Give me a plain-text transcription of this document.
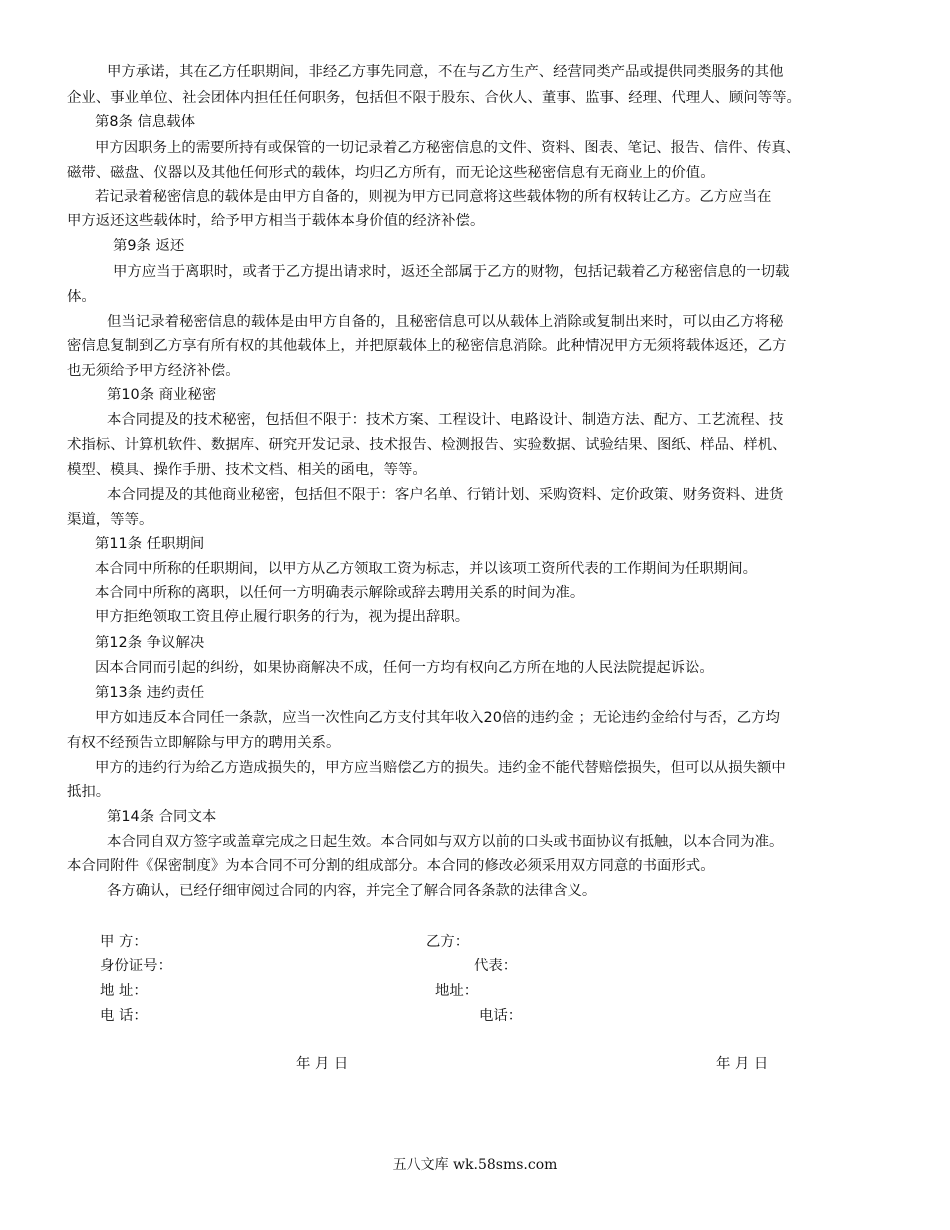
甲方承诺，其在乙方任职期间，非经乙方事先同意，不在与乙方生产、经营同类产品或提供同类服务的其他
企业、事业单位、社会团体内担任任何职务，包括但不限于股东、合伙人、董事、监事、经理、代理人、顾问等等。
第8条 信息载体
甲方因职务上的需要所持有或保管的一切记录着乙方秘密信息的文件、资料、图表、笔记、报告、信件、传真、
磁带、磁盘、仪器以及其他任何形式的载体，均归乙方所有，而无论这些秘密信息有无商业上的价值。
若记录着秘密信息的载体是由甲方自备的，则视为甲方已同意将这些载体物的所有权转让乙方。乙方应当在
甲方返还这些载体时，给予甲方相当于载体本身价值的经济补偿。
第9条 返还
甲方应当于离职时，或者于乙方提出请求时，返还全部属于乙方的财物，包括记载着乙方秘密信息的一切载
体。
但当记录着秘密信息的载体是由甲方自备的，且秘密信息可以从载体上消除或复制出来时，可以由乙方将秘
密信息复制到乙方享有所有权的其他载体上，并把原载体上的秘密信息消除。此种情况甲方无须将载体返还，乙方
也无须给予甲方经济补偿。
第10条 商业秘密
本合同提及的技术秘密，包括但不限于：技术方案、工程设计、电路设计、制造方法、配方、工艺流程、技
术指标、计算机软件、数据库、研究开发记录、技术报告、检测报告、实验数据、试验结果、图纸、样品、样机、
模型、模具、操作手册、技术文档、相关的函电，等等。
本合同提及的其他商业秘密，包括但不限于：客户名单、行销计划、采购资料、定价政策、财务资料、进货
渠道，等等。
第11条 任职期间
本合同中所称的任职期间，以甲方从乙方领取工资为标志，并以该项工资所代表的工作期间为任职期间。
本合同中所称的离职，以任何一方明确表示解除或辞去聘用关系的时间为准。
甲方拒绝领取工资且停止履行职务的行为，视为提出辞职。
第12条 争议解决
因本合同而引起的纠纷，如果协商解决不成，任何一方均有权向乙方所在地的人民法院提起诉讼。
第13条 违约责任
甲方如违反本合同任一条款，应当一次性向乙方支付其年收入20倍的违约金 ；无论违约金给付与否，乙方均
有权不经预告立即解除与甲方的聘用关系。
甲方的违约行为给乙方造成损失的，甲方应当赔偿乙方的损失。违约金不能代替赔偿损失，但可以从损失额中
抵扣。
第14条 合同文本
本合同自双方签字或盖章完成之日起生效。本合同如与双方以前的口头或书面协议有抵触，以本合同为准。
本合同附件《保密制度》为本合同不可分割的组成部分。本合同的修改必须采用双方同意的书面形式。
各方确认，已经仔细审阅过合同的内容，并完全了解合同各条款的法律含义。
甲 方：	乙方：
身份证号：	代表：
地 址：	地址：
电 话：	电话：
年 月 日	年 月 日
五八文库 wk.58sms.com
